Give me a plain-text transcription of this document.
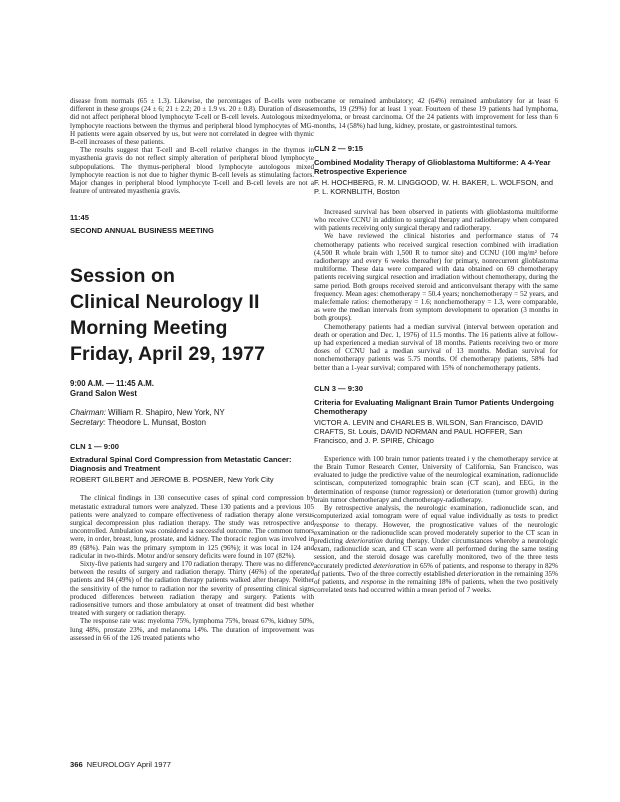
disease from normals (65 ± 1.3). Likewise, the percentages of B-cells were not different in these groups (24 ± 6; 21 ± 2.2; 20 ± 1.9 vs. 20 ± 0.8). Duration of disease did not affect peripheral blood lymphocyte T-cell or B-cell levels. Autologous mixed lymphocyte reactions between the thymus and peripheral blood lymphocytes of MG-H patients were again observed by us, but were not correlated in degree with thymic B-cell increases of these patients.

The results suggest that T-cell and B-cell relative changes in the thymus in myasthenia gravis do not reflect simply alteration of peripheral blood lymphocyte subpopulations. The thymus-peripheral blood lymphocyte autologous mixed lymphocyte reaction is not due to higher thymic B-cell levels as stimulating factors. Major changes in peripheral blood lymphocyte T-cell and B-cell levels are not a feature of untreated myasthenia gravis.

11:45
SECOND ANNUAL BUSINESS MEETING
Session on
Clinical Neurology II
Morning Meeting
Friday, April 29, 1977
9:00 A.M. — 11:45 A.M.
Grand Salon West
Chairman: William R. Shapiro, New York, NY
Secretary: Theodore L. Munsat, Boston
CLN 1 — 9:00
Extradural Spinal Cord Compression from Metastatic Cancer: Diagnosis and Treatment
ROBERT GILBERT and JEROME B. POSNER, New York City

The clinical findings in 130 consecutive cases of spinal cord compression by metastatic extradural tumors were analyzed. These 130 patients and a previous 105 patients were analyzed to compare effectiveness of radiation therapy alone versus surgical decompression plus radiation therapy. The study was retrospective and uncontrolled. Ambulation was considered a successful outcome. The common tumors were, in order, breast, lung, prostate, and kidney. The thoracic region was involved in 89 (68%). Pain was the primary symptom in 125 (96%); it was local in 124 and radicular in two-thirds. Motor and/or sensory deficits were found in 107 (82%).

Sixty-five patients had surgery and 170 radiation therapy. There was no difference between the results of surgery and radiation therapy. Thirty (46%) of the operated patients and 84 (49%) of the radiation therapy patients walked after therapy. Neither the sensitivity of the tumor to radiation nor the severity of presenting clinical signs produced differences between radiation therapy and surgery. Patients with radiosensitive tumors and those ambulatory at onset of treatment did best whether treated with surgery or radiation therapy.

The response rate was: myeloma 75%, lymphoma 75%, breast 67%, kidney 50%, lung 48%, prostate 23%, and melanoma 14%. The duration of improvement was assessed in 66 of the 126 treated patients who

became or remained ambulatory; 42 (64%) remained ambulatory for at least 6 months, 19 (29%) for at least 1 year. Fourteen of these 19 patients had lymphoma, myeloma, or breast carcinoma. Of the 24 patients with improvement for less than 6 months, 14 (58%) had lung, kidney, prostate, or gastrointestinal tumors.

CLN 2 — 9:15
Combined Modality Therapy of Glioblastoma Multiforme: A 4-Year Retrospective Experience
F. H. HOCHBERG, R. M. LINGGOOD, W. H. BAKER, L. WOLFSON, and P. L. KORNBLITH, Boston

Increased survival has been observed in patients with glioblastoma multiforme who receive CCNU in addition to surgical therapy and radiotherapy when compared with patients receiving only surgical therapy and radiotherapy.

We have reviewed the clinical histories and performance status of 74 chemotherapy patients who received surgical resection combined with irradiation (4,500 R whole brain with 1,500 R to tumor site) and CCNU (100 mg/m² before radiotherapy and every 6 weeks thereafter) for primary, nonrecurrent glioblastoma multiforme. These data were compared with data obtained on 69 chemotherapy patients receiving surgical resection and irradiation without chemotherapy, during the same period. Both groups received steroid and anticonvulsant therapy with the same frequency. Mean ages: chemotherapy = 50.4 years; nonchemotherapy = 52 years, and male:female ratios: chemotherapy = 1.6; nonchemotherapy = 1.3, were comparable, as were the median intervals from symptom development to operation (3 months in both groups).

Chemotherapy patients had a median survival (interval between operation and death or operation and Dec. 1, 1976) of 11.5 months. The 16 patients alive at follow-up had experienced a median survival of 18 months. Patients receiving two or more doses of CCNU had a median survival of 13 months. Median survival for nonchemotherapy patients was 5.75 months. Of chemotherapy patients, 58% had better than a 1-year survival; compared with 15% of nonchemotherapy patients.

CLN 3 — 9:30
Criteria for Evaluating Malignant Brain Tumor Patients Undergoing Chemotherapy
VICTOR A. LEVIN and CHARLES B. WILSON, San Francisco, DAVID CRAFTS, St. Louis, DAVID NORMAN and PAUL HOFFER, San Francisco, and J. P. SPIRE, Chicago

Experience with 100 brain tumor patients treated i y the chemotherapy service at the Brain Tumor Research Center, University of California, San Francisco, was evaluated to judge the predictive value of the neurological examination, radionuclide scintiscan, computerized tomographic brain scan (CT scan), and EEG, in the determination of response (tumor regression) or deterioration (tumor growth) during brain tumor chemotherapy and chemotherapy-radiotherapy.

By retrospective analysis, the neurologic examination, radionuclide scan, and computerized axial tomogram were of equal value individually as tests to predict response to therapy. However, the prognosticative values of the neurologic examination or the radionuclide scan proved moderately superior to the CT scan in predicting deterioration during therapy. Under circumstances whereby a neurologic exam, radionuclide scan, and CT scan were all performed during the same testing session, and the steroid dosage was carefully monitored, two of the three tests accurately predicted deterioration in 65% of patients, and response to therapy in 82% of patients. Two of the three correctly established deterioration in the remaining 35% of patients, and response in the remaining 18% of patients, when the two positively correlated tests had occurred within a mean period of 7 weeks.

366 NEUROLOGY April 1977
